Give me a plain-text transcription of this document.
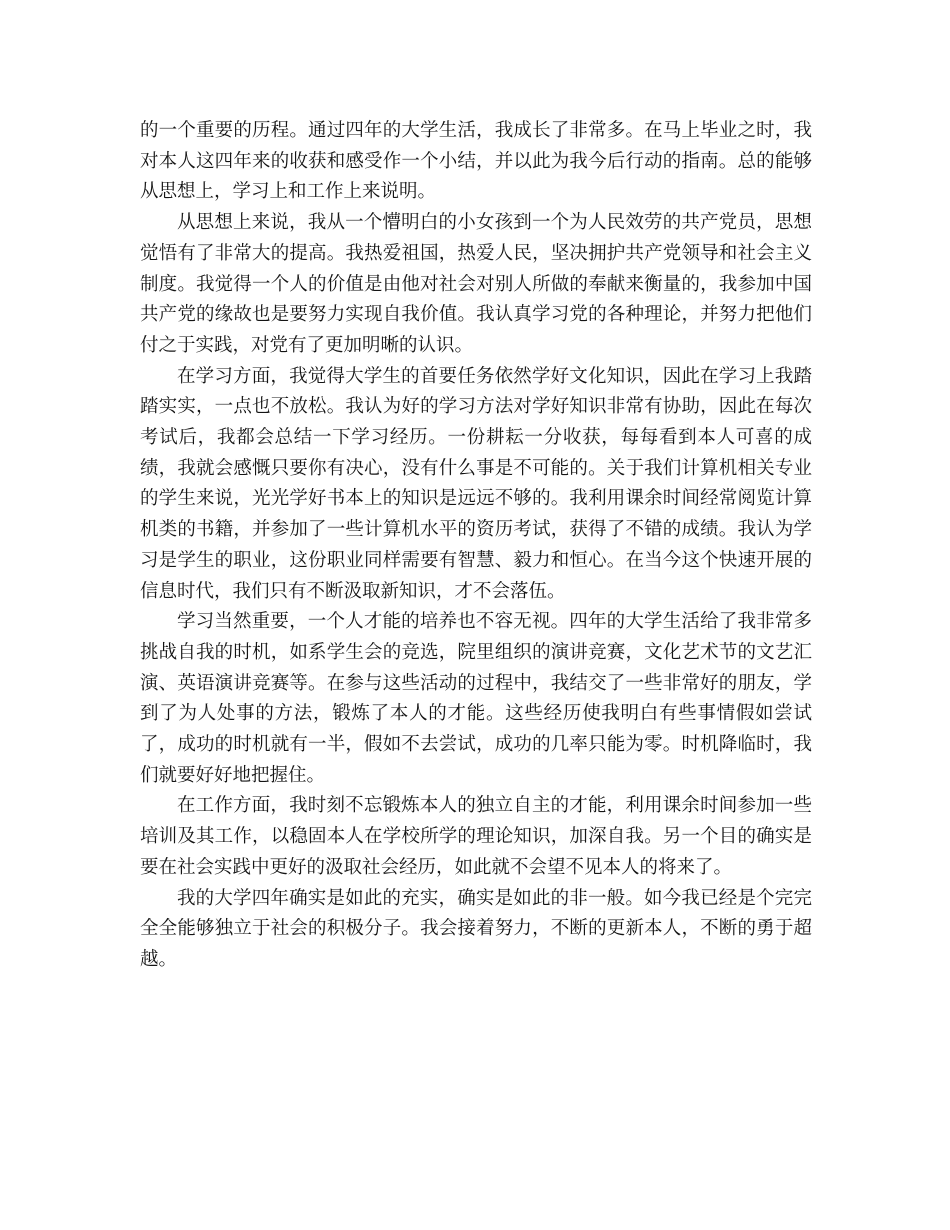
的一个重要的历程。通过四年的大学生活，我成长了非常多。在马上毕业之时，我对本人这四年来的收获和感受作一个小结，并以此为我今后行动的指南。总的能够从思想上，学习上和工作上来说明。

从思想上来说，我从一个懵明白的小女孩到一个为人民效劳的共产党员，思想觉悟有了非常大的提高。我热爱祖国，热爱人民，坚决拥护共产党领导和社会主义制度。我觉得一个人的价值是由他对社会对别人所做的奉献来衡量的，我参加中国共产党的缘故也是要努力实现自我价值。我认真学习党的各种理论，并努力把他们付之于实践，对党有了更加明晰的认识。

在学习方面，我觉得大学生的首要任务依然学好文化知识，因此在学习上我踏踏实实，一点也不放松。我认为好的学习方法对学好知识非常有协助，因此在每次考试后，我都会总结一下学习经历。一份耕耘一分收获，每每看到本人可喜的成绩，我就会感慨只要你有决心，没有什么事是不可能的。关于我们计算机相关专业的学生来说，光光学好书本上的知识是远远不够的。我利用课余时间经常阅览计算机类的书籍，并参加了一些计算机水平的资历考试，获得了不错的成绩。我认为学习是学生的职业，这份职业同样需要有智慧、毅力和恒心。在当今这个快速开展的信息时代，我们只有不断汲取新知识，才不会落伍。

学习当然重要，一个人才能的培养也不容无视。四年的大学生活给了我非常多挑战自我的时机，如系学生会的竞选，院里组织的演讲竞赛，文化艺术节的文艺汇演、英语演讲竞赛等。在参与这些活动的过程中，我结交了一些非常好的朋友，学到了为人处事的方法，锻炼了本人的才能。这些经历使我明白有些事情假如尝试了，成功的时机就有一半，假如不去尝试，成功的几率只能为零。时机降临时，我们就要好好地把握住。

在工作方面，我时刻不忘锻炼本人的独立自主的才能，利用课余时间参加一些培训及其工作，以稳固本人在学校所学的理论知识，加深自我。另一个目的确实是要在社会实践中更好的汲取社会经历，如此就不会望不见本人的将来了。

我的大学四年确实是如此的充实，确实是如此的非一般。如今我已经是个完完全全能够独立于社会的积极分子。我会接着努力，不断的更新本人，不断的勇于超越。
